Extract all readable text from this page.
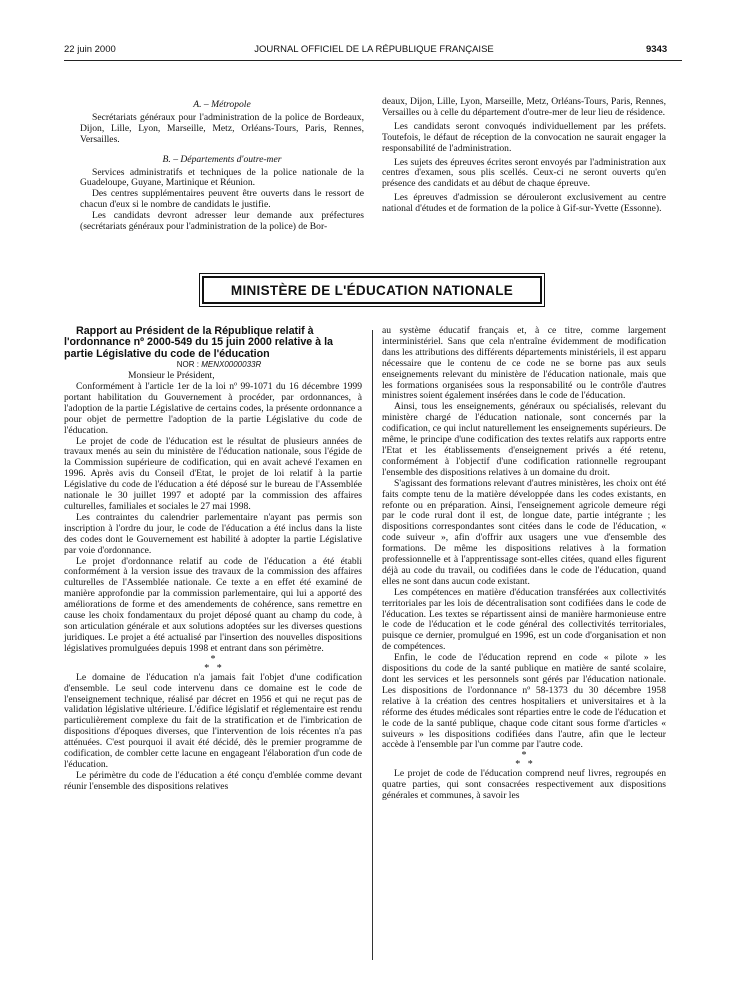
22 juin 2000	JOURNAL OFFICIEL DE LA RÉPUBLIQUE FRANÇAISE	9343

A. – Métropole

Secrétariats généraux pour l'administration de la police de Bordeaux, Dijon, Lille, Lyon, Marseille, Metz, Orléans-Tours, Paris, Rennes, Versailles.

B. – Départements d'outre-mer

Services administratifs et techniques de la police nationale de la Guadeloupe, Guyane, Martinique et Réunion.

Des centres supplémentaires peuvent être ouverts dans le ressort de chacun d'eux si le nombre de candidats le justifie.

Les candidats devront adresser leur demande aux préfectures (secrétariats généraux pour l'administration de la police) de Bor-

deaux, Dijon, Lille, Lyon, Marseille, Metz, Orléans-Tours, Paris, Rennes, Versailles ou à celle du département d'outre-mer de leur lieu de résidence.

Les candidats seront convoqués individuellement par les préfets. Toutefois, le défaut de réception de la convocation ne saurait engager la responsabilité de l'administration.

Les sujets des épreuves écrites seront envoyés par l'administration aux centres d'examen, sous plis scellés. Ceux-ci ne seront ouverts qu'en présence des candidats et au début de chaque épreuve.

Les épreuves d'admission se dérouleront exclusivement au centre national d'études et de formation de la police à Gif-sur-Yvette (Essonne).

MINISTÈRE DE L'ÉDUCATION NATIONALE

Rapport au Président de la République relatif à l'ordonnance nº 2000-549 du 15 juin 2000 relative à la partie Législative du code de l'éducation

NOR : MENX0000033R

Monsieur le Président,

Conformément à l'article 1er de la loi nº 99-1071 du 16 décembre 1999 portant habilitation du Gouvernement à procéder, par ordonnances, à l'adoption de la partie Législative de certains codes, la présente ordonnance a pour objet de permettre l'adoption de la partie Législative du code de l'éducation.

Le projet de code de l'éducation est le résultat de plusieurs années de travaux menés au sein du ministère de l'éducation nationale, sous l'égide de la Commission supérieure de codification, qui en avait achevé l'examen en 1996. Après avis du Conseil d'Etat, le projet de loi relatif à la partie Législative du code de l'éducation a été déposé sur le bureau de l'Assemblée nationale le 30 juillet 1997 et adopté par la commission des affaires culturelles, familiales et sociales le 27 mai 1998.

Les contraintes du calendrier parlementaire n'ayant pas permis son inscription à l'ordre du jour, le code de l'éducation a été inclus dans la liste des codes dont le Gouvernement est habilité à adopter la partie Législative par voie d'ordonnance.

Le projet d'ordonnance relatif au code de l'éducation a été établi conformément à la version issue des travaux de la commission des affaires culturelles de l'Assemblée nationale. Ce texte a en effet été examiné de manière approfondie par la commission parlementaire, qui lui a apporté des améliorations de forme et des amendements de cohérence, sans remettre en cause les choix fondamentaux du projet déposé quant au champ du code, à son articulation générale et aux solutions adoptées sur les diverses questions juridiques. Le projet a été actualisé par l'insertion des nouvelles dispositions législatives promulguées depuis 1998 et entrant dans son périmètre.

*
* *

Le domaine de l'éducation n'a jamais fait l'objet d'une codification d'ensemble. Le seul code intervenu dans ce domaine est le code de l'enseignement technique, réalisé par décret en 1956 et qui ne reçut pas de validation législative ultérieure. L'édifice législatif et réglementaire est rendu particulièrement complexe du fait de la stratification et de l'imbrication de dispositions d'époques diverses, que l'intervention de lois récentes n'a pas atténuées. C'est pourquoi il avait été décidé, dès le premier programme de codification, de combler cette lacune en engageant l'élaboration d'un code de l'éducation.

Le périmètre du code de l'éducation a été conçu d'emblée comme devant réunir l'ensemble des dispositions relatives

au système éducatif français et, à ce titre, comme largement interministériel. Sans que cela n'entraîne évidemment de modification dans les attributions des différents départements ministériels, il est apparu nécessaire que le contenu de ce code ne se borne pas aux seuls enseignements relevant du ministère de l'éducation nationale, mais que les formations organisées sous la responsabilité ou le contrôle d'autres ministres soient également insérées dans le code de l'éducation.

Ainsi, tous les enseignements, généraux ou spécialisés, relevant du ministère chargé de l'éducation nationale, sont concernés par la codification, ce qui inclut naturellement les enseignements supérieurs. De même, le principe d'une codification des textes relatifs aux rapports entre l'Etat et les établissements d'enseignement privés a été retenu, conformément à l'objectif d'une codification rationnelle regroupant l'ensemble des dispositions relatives à un domaine du droit.

S'agissant des formations relevant d'autres ministères, les choix ont été faits compte tenu de la matière développée dans les codes existants, en refonte ou en préparation. Ainsi, l'enseignement agricole demeure régi par le code rural dont il est, de longue date, partie intégrante ; les dispositions correspondantes sont citées dans le code de l'éducation, « code suiveur », afin d'offrir aux usagers une vue d'ensemble des formations. De même les dispositions relatives à la formation professionnelle et à l'apprentissage sont-elles citées, quand elles figurent déjà au code du travail, ou codifiées dans le code de l'éducation, quand elles ne sont dans aucun code existant.

Les compétences en matière d'éducation transférées aux collectivités territoriales par les lois de décentralisation sont codifiées dans le code de l'éducation. Les textes se répartissent ainsi de manière harmonieuse entre le code de l'éducation et le code général des collectivités territoriales, puisque ce dernier, promulgué en 1996, est un code d'organisation et non de compétences.

Enfin, le code de l'éducation reprend en code « pilote » les dispositions du code de la santé publique en matière de santé scolaire, dont les services et les personnels sont gérés par l'éducation nationale. Les dispositions de l'ordonnance nº 58-1373 du 30 décembre 1958 relative à la création des centres hospitaliers et universitaires et à la réforme des études médicales sont réparties entre le code de l'éducation et le code de la santé publique, chaque code citant sous forme d'articles « suiveurs » les dispositions codifiées dans l'autre, afin que le lecteur accède à l'ensemble par l'un comme par l'autre code.

*
* *

Le projet de code de l'éducation comprend neuf livres, regroupés en quatre parties, qui sont consacrées respectivement aux dispositions générales et communes, à savoir les
